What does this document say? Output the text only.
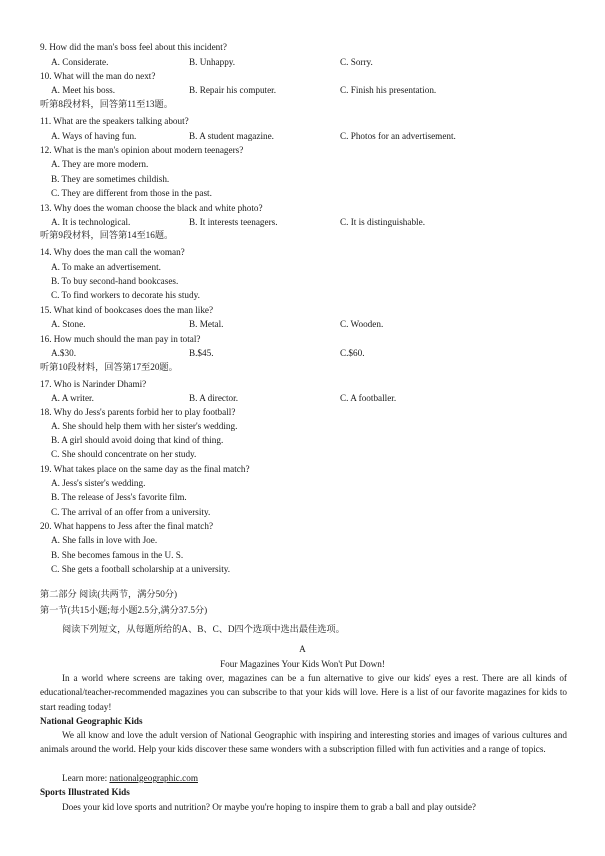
9. How did the man's boss feel about this incident?
A. Considerate.	B. Unhappy.	C. Sorry.
10. What will the man do next?
A. Meet his boss.	B. Repair his computer.	C. Finish his presentation.
听第8段材料，回答第11至13题。
11. What are the speakers talking about?
A. Ways of having fun.	B. A student magazine.	C. Photos for an advertisement.
12. What is the man's opinion about modern teenagers?
A. They are more modern.
B. They are sometimes childish.
C. They are different from those in the past.
13. Why does the woman choose the black and white photo?
A. It is technological.	B. It interests teenagers.	C. It is distinguishable.
听第9段材料，回答第14至16题。
14. Why does the man call the woman?
A. To make an advertisement.
B. To buy second-hand bookcases.
C. To find workers to decorate his study.
15. What kind of bookcases does the man like?
A. Stone.	B. Metal.	C. Wooden.
16. How much should the man pay in total?
A.$30.	B.$45.	C.$60.
听第10段材料，回答第17至20题。
17. Who is Narinder Dhami?
A. A writer.	B. A director.	C. A footballer.
18. Why do Jess's parents forbid her to play football?
A. She should help them with her sister's wedding.
B. A girl should avoid doing that kind of thing.
C. She should concentrate on her study.
19. What takes place on the same day as the final match?
A. Jess's sister's wedding.
B. The release of Jess's favorite film.
C. The arrival of an offer from a university.
20. What happens to Jess after the final match?
A. She falls in love with Joe.
B. She becomes famous in the U. S.
C. She gets a football scholarship at a university.
第二部分 阅读(共两节，满分50分)
第一节(共15小题;每小题2.5分,满分37.5分)
阅读下列短文，从每题所给的A、B、C、D四个选项中选出最佳选项。
A
Four Magazines Your Kids Won't Put Down!
In a world where screens are taking over, magazines can be a fun alternative to give our kids' eyes a rest. There are all kinds of educational/teacher-recommended magazines you can subscribe to that your kids will love. Here is a list of our favorite magazines for kids to start reading today!
National Geographic Kids
We all know and love the adult version of National Geographic with inspiring and interesting stories and images of various cultures and animals around the world. Help your kids discover these same wonders with a subscription filled with fun activities and a range of topics.
Learn more: nationalgeographic.com
Sports Illustrated Kids
Does your kid love sports and nutrition? Or maybe you're hoping to inspire them to grab a ball and play outside?
